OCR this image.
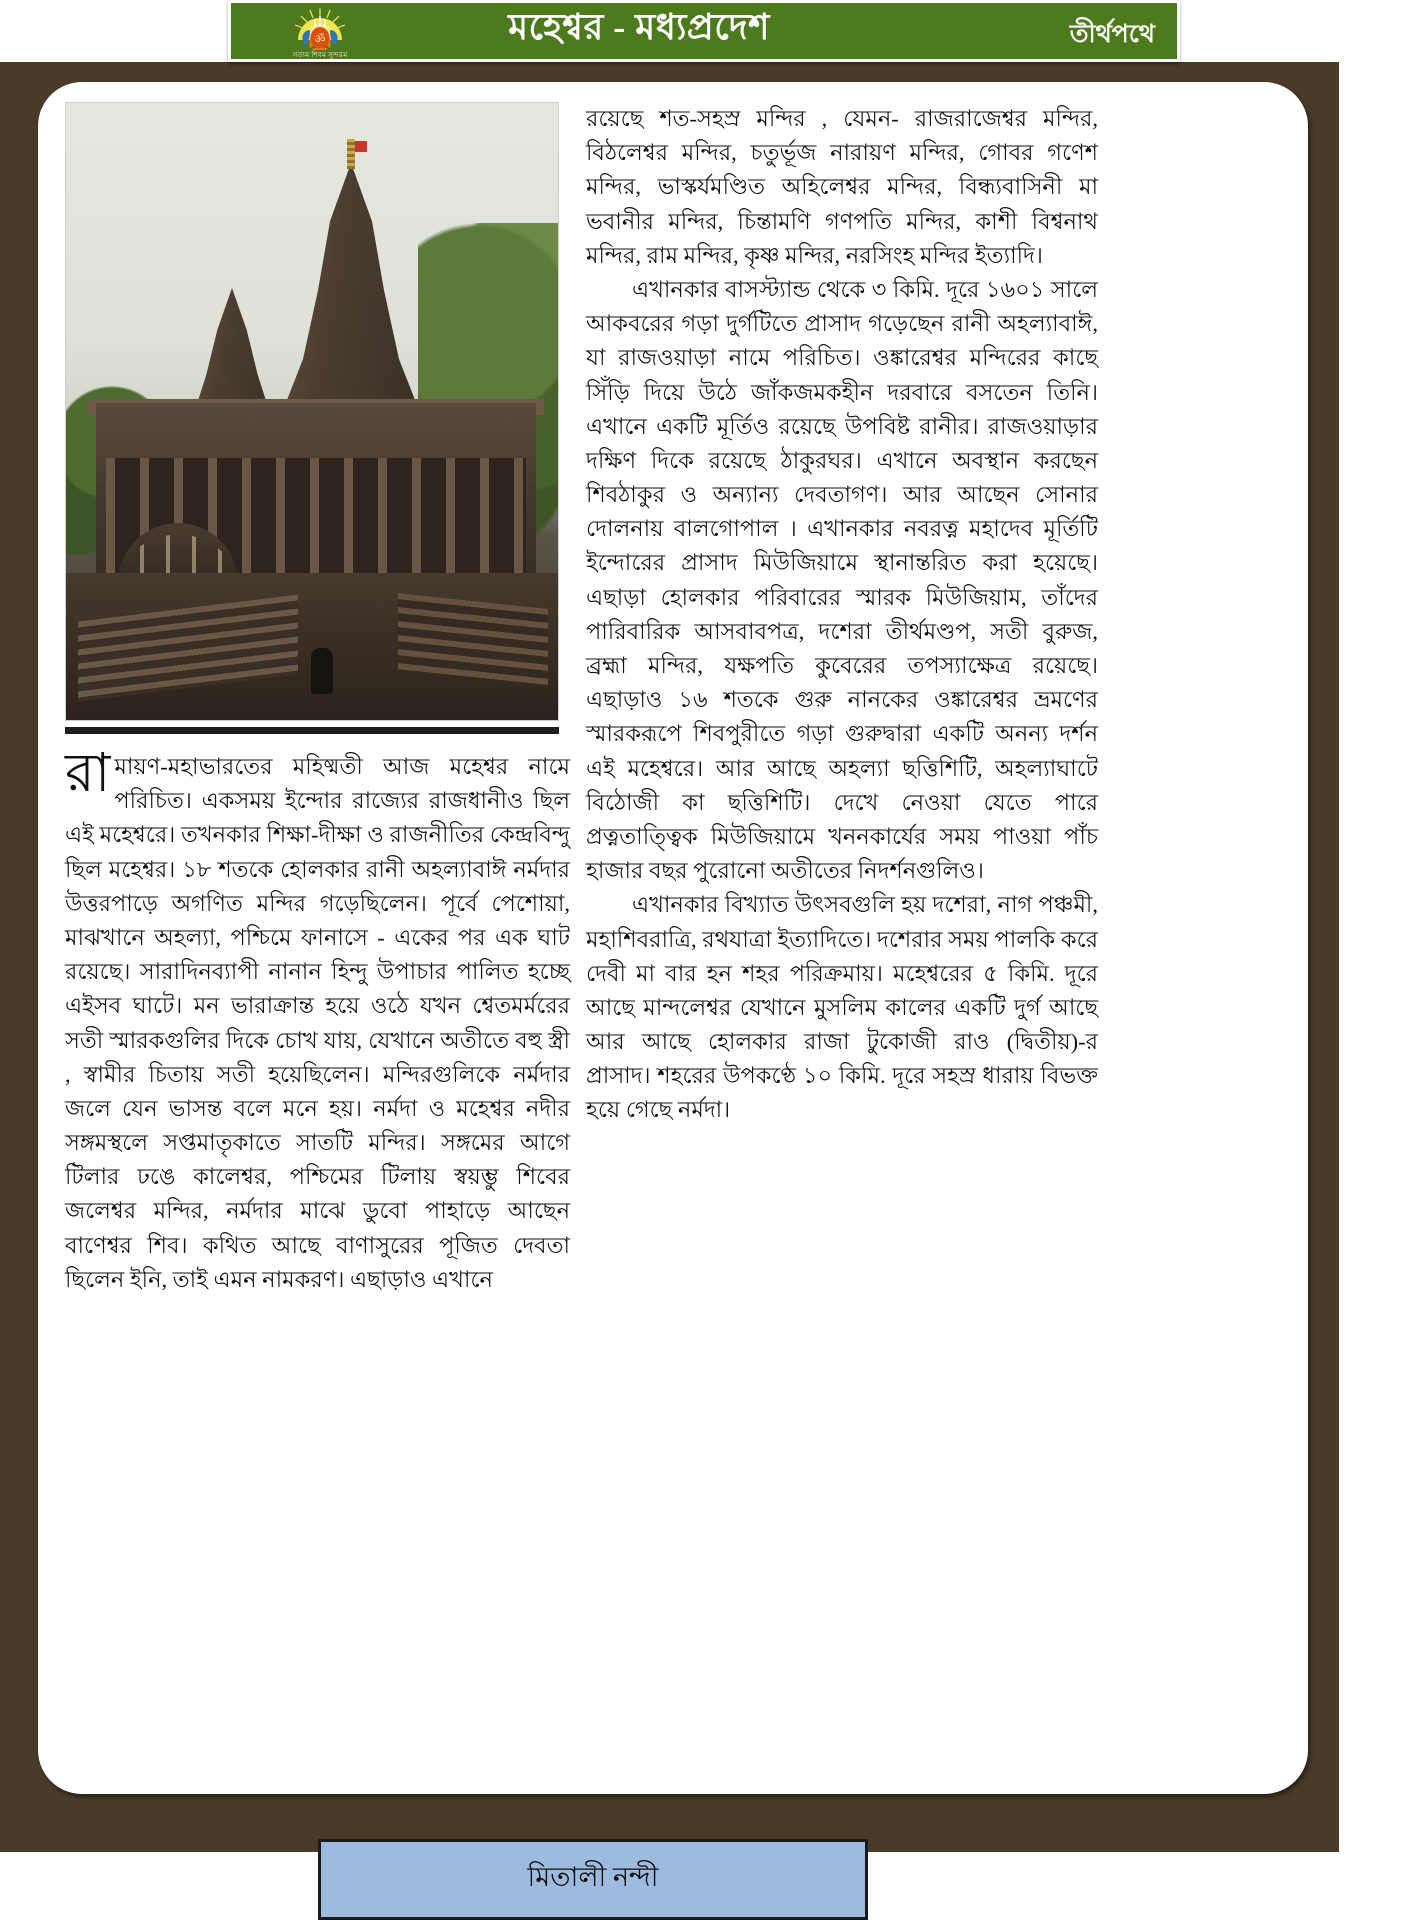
রামায়ণ-মহাভারতের মহিষ্মতী আজ মহেশ্বর নামে পরিচিত। একসময় ইন্দোর রাজ্যের রাজধানীও ছিল এই মহেশ্বরে। তখনকার শিক্ষা-দীক্ষা ও রাজনীতির কেন্দ্রবিন্দু ছিল মহেশ্বর। ১৮ শতকে হোলকার রানী অহল্যাবাঈ নর্মদার উত্তরপাড়ে অগণিত মন্দির গড়েছিলেন। পূর্বে পেশোয়া, মাঝখানে অহল্যা, পশ্চিমে ফানাসে - একের পর এক ঘাট রয়েছে। সারাদিনব্যাপী নানান হিন্দু উপাচার পালিত হচ্ছে এইসব ঘাটে। মন ভারাক্রান্ত হয়ে ওঠে যখন শ্বেতমর্মরের সতী স্মারকগুলির দিকে চোখ যায়, যেখানে অতীতে বহু স্ত্রী , স্বামীর চিতায় সতী হয়েছিলেন। মন্দিরগুলিকে নর্মদার জলে যেন ভাসন্ত বলে মনে হয়। নর্মদা ও মহেশ্বর নদীর সঙ্গমস্থলে সপ্তমাতৃকাতে সাতটি মন্দির। সঙ্গমের আগে টিলার ঢঙে কালেশ্বর, পশ্চিমের টিলায় স্বয়ম্ভু শিবের জলেশ্বর মন্দির, নর্মদার মাঝে ডুবো পাহাড়ে আছেন বাণেশ্বর শিব। কথিত আছে বাণাসুরের পূজিত দেবতা ছিলেন ইনি, তাই এমন নামকরণ। এছাড়াও এখানে

রয়েছে শত-সহস্র মন্দির , যেমন- রাজরাজেশ্বর মন্দির, বিঠলেশ্বর মন্দির, চতুর্ভূজ নারায়ণ মন্দির, গোবর গণেশ মন্দির, ভাস্কর্যমণ্ডিত অহিলেশ্বর মন্দির, বিন্ধ্যবাসিনী মা ভবানীর মন্দির, চিন্তামণি গণপতি মন্দির, কাশী বিশ্বনাথ মন্দির, রাম মন্দির, কৃষ্ণ মন্দির, নরসিংহ মন্দির ইত্যাদি।

এখানকার বাসস্ট্যান্ড থেকে ৩ কিমি. দূরে ১৬০১ সালে আকবরের গড়া দুর্গটিতে প্রাসাদ গড়েছেন রানী অহল্যাবাঈ, যা রাজওয়াড়া নামে পরিচিত। ওঙ্কারেশ্বর মন্দিরের কাছে সিঁড়ি দিয়ে উঠে জাঁকজমকহীন দরবারে বসতেন তিনি। এখানে একটি মূর্তিও রয়েছে উপবিষ্ট রানীর। রাজওয়াড়ার দক্ষিণ দিকে রয়েছে ঠাকুরঘর। এখানে অবস্থান করছেন শিবঠাকুর ও অন্যান্য দেবতাগণ। আর আছেন সোনার দোলনায় বালগোপাল । এখানকার নবরত্ন মহাদেব মূর্তিটি ইন্দোরের প্রাসাদ মিউজিয়ামে স্থানান্তরিত করা হয়েছে। এছাড়া হোলকার পরিবারের স্মারক মিউজিয়াম, তাঁদের পারিবারিক আসবাবপত্র, দশেরা তীর্থমণ্ডপ, সতী বুরুজ, ব্রহ্মা মন্দির, যক্ষপতি কুবেরের তপস্যাক্ষেত্র রয়েছে। এছাড়াও ১৬ শতকে গুরু নানকের ওঙ্কারেশ্বর ভ্রমণের স্মারকরূপে শিবপুরীতে গড়া গুরুদ্বারা একটি অনন্য দর্শন এই মহেশ্বরে। আর আছে অহল্যা ছত্তিশিটি, অহল্যাঘাটে বিঠোজী কা ছত্তিশিটি। দেখে নেওয়া যেতে পারে প্রত্নতাত্ত্বিক মিউজিয়ামে খননকার্যের সময় পাওয়া পাঁচ হাজার বছর পুরোনো অতীতের নিদর্শনগুলিও।

এখানকার বিখ্যাত উৎসবগুলি হয় দশেরা, নাগ পঞ্চমী, মহাশিবরাত্রি, রথযাত্রা ইত্যাদিতে। দশেরার সময় পালকি করে দেবী মা বার হন শহর পরিক্রমায়। মহেশ্বরের ৫ কিমি. দূরে আছে মান্দলেশ্বর যেখানে মুসলিম কালের একটি দুর্গ আছে আর আছে হোলকার রাজা টুকোজী রাও (দ্বিতীয়)-র প্রাসাদ। শহরের উপকণ্ঠে ১০ কিমি. দূরে সহস্র ধারায় বিভক্ত হয়ে গেছে নর্মদা।

ॐ
সত্যম শিবম সুন্দরম
মহেশ্বর - মধ্যপ্রদেশ	তীর্থপথে
মিতালী নন্দী
